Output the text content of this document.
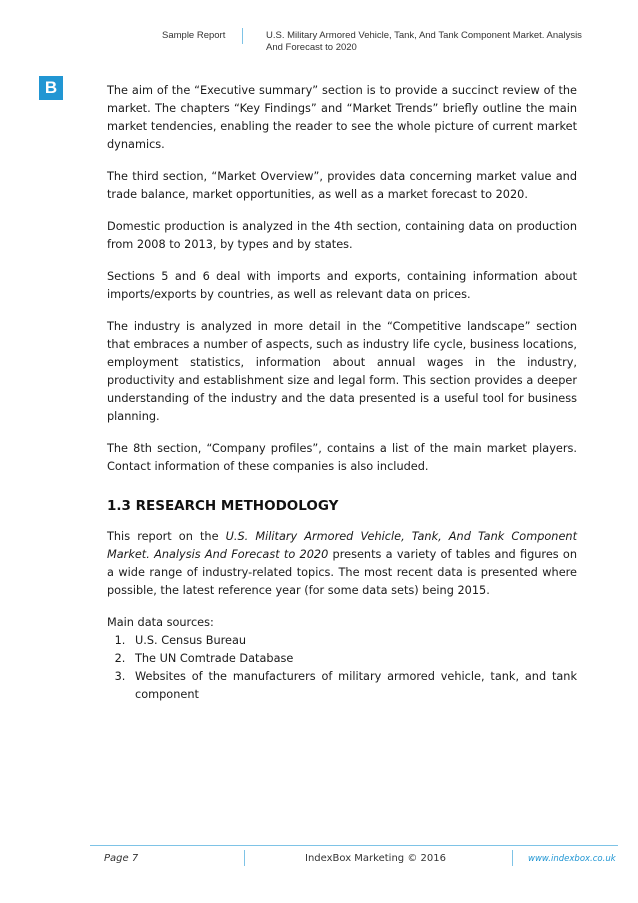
Sample Report	U.S. Military Armored Vehicle, Tank, And Tank Component Market. Analysis And Forecast to 2020
B	The aim of the “Executive summary” section is to provide a succinct review of the market. The chapters “Key Findings” and “Market Trends” briefly outline the main market tendencies, enabling the reader to see the whole picture of current market dynamics.

The third section, “Market Overview”, provides data concerning market value and trade balance, market opportunities, as well as a market forecast to 2020.

Domestic production is analyzed in the 4th section, containing data on production from 2008 to 2013, by types and by states.

Sections 5 and 6 deal with imports and exports, containing information about imports/exports by countries, as well as relevant data on prices.

The industry is analyzed in more detail in the “Competitive landscape” section that embraces a number of aspects, such as industry life cycle, business locations, employment statistics, information about annual wages in the industry, productivity and establishment size and legal form. This section provides a deeper understanding of the industry and the data presented is a useful tool for business planning.

The 8th section, “Company profiles”, contains a list of the main market players. Contact information of these companies is also included.

1.3 RESEARCH METHODOLOGY

This report on the U.S. Military Armored Vehicle, Tank, And Tank Component Market. Analysis And Forecast to 2020 presents a variety of tables and figures on a wide range of industry-related topics. The most recent data is presented where possible, the latest reference year (for some data sets) being 2015.

Main data sources:

1. U.S. Census Bureau
2. The UN Comtrade Database
3. Websites of the manufacturers of military armored vehicle, tank, and tank component
Page 7	IndexBox Marketing © 2016	www.indexbox.co.uk
